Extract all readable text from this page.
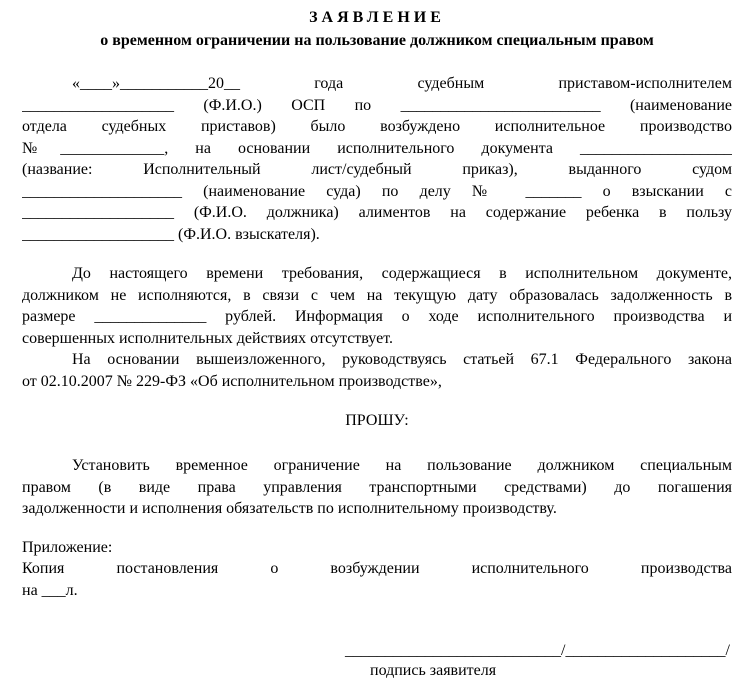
ЗАЯВЛЕНИЕ
о временном ограничении на пользование должником специальным правом
«____»___________20__ года судебным приставом-исполнителем
___________________ (Ф.И.О.) ОСП по _________________________ (наименование
отдела судебных приставов) было возбуждено исполнительное производство
№_____________, на основании исполнительного документа ___________________
(название: Исполнительный лист/судебный приказ), выданного судом
____________________ (наименование суда) по делу № _______ о взыскании с
___________________ (Ф.И.О. должника) алиментов на содержание ребенка в пользу
___________________ (Ф.И.О. взыскателя).
До настоящего времени требования, содержащиеся в исполнительном документе,
должником не исполняются, в связи с чем на текущую дату образовалась задолженность в
размере ______________ рублей. Информация о ходе исполнительного производства и
совершенных исполнительных действиях отсутствует.
На основании вышеизложенного, руководствуясь статьей 67.1 Федерального закона
от 02.10.2007 № 229-ФЗ «Об исполнительном производстве»,
ПРОШУ:
Установить временное ограничение на пользование должником специальным
правом (в виде права управления транспортными средствами) до погашения
задолженности и исполнения обязательств по исполнительному производству.
Приложение:
Копия постановления о возбуждении исполнительного производства
на ___л.
___________________________/____________________/
подпись заявителя
